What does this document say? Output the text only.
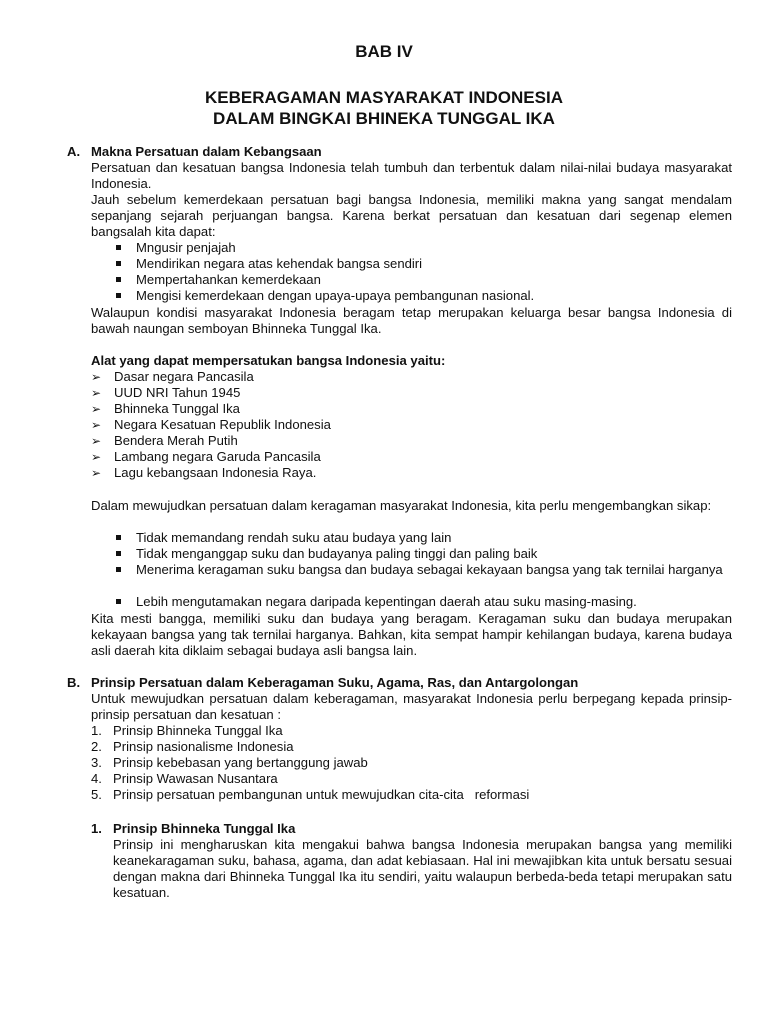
BAB IV
KEBERAGAMAN MASYARAKAT INDONESIA
DALAM BINGKAI BHINEKA TUNGGAL IKA
A. Makna Persatuan dalam Kebangsaan
Persatuan dan kesatuan bangsa Indonesia telah tumbuh dan terbentuk dalam nilai-nilai budaya masyarakat Indonesia.
Jauh sebelum kemerdekaan persatuan bagi bangsa Indonesia, memiliki makna yang sangat mendalam sepanjang sejarah perjuangan bangsa. Karena berkat persatuan dan kesatuan dari segenap elemen bangsalah kita dapat:
Mngusir penjajah
Mendirikan negara atas kehendak bangsa sendiri
Mempertahankan kemerdekaan
Mengisi kemerdekaan dengan upaya-upaya pembangunan nasional.
Walaupun kondisi masyarakat Indonesia beragam tetap merupakan keluarga besar bangsa Indonesia di bawah naungan semboyan Bhinneka Tunggal Ika.
Alat yang dapat mempersatukan bangsa Indonesia yaitu:
➢ Dasar negara Pancasila
➢ UUD NRI Tahun 1945
➢ Bhinneka Tunggal Ika
➢ Negara Kesatuan Republik Indonesia
➢ Bendera Merah Putih
➢ Lambang negara Garuda Pancasila
➢ Lagu kebangsaan Indonesia Raya.
Dalam mewujudkan persatuan dalam keragaman masyarakat Indonesia, kita perlu mengembangkan sikap:
Tidak memandang rendah suku atau budaya yang lain
Tidak menganggap suku dan budayanya paling tinggi dan paling baik
Menerima keragaman suku bangsa dan budaya sebagai kekayaan bangsa yang tak ternilai harganya
Lebih mengutamakan negara daripada kepentingan daerah atau suku masing-masing.
Kita mesti bangga, memiliki suku dan budaya yang beragam. Keragaman suku dan budaya merupakan kekayaan bangsa yang tak ternilai harganya. Bahkan, kita sempat hampir kehilangan budaya, karena budaya asli daerah kita diklaim sebagai budaya asli bangsa lain.
B. Prinsip Persatuan dalam Keberagaman Suku, Agama, Ras, dan Antargolongan
Untuk mewujudkan persatuan dalam keberagaman, masyarakat Indonesia perlu berpegang kepada prinsip-prinsip persatuan dan kesatuan :
1. Prinsip Bhinneka Tunggal Ika
2. Prinsip nasionalisme Indonesia
3. Prinsip kebebasan yang bertanggung jawab
4. Prinsip Wawasan Nusantara
5. Prinsip persatuan pembangunan untuk mewujudkan cita-cita   reformasi
1. Prinsip Bhinneka Tunggal Ika
Prinsip ini mengharuskan kita mengakui bahwa bangsa Indonesia merupakan bangsa yang memiliki keanekaragaman suku, bahasa, agama, dan adat kebiasaan. Hal ini mewajibkan kita untuk bersatu sesuai dengan makna dari Bhinneka Tunggal Ika itu sendiri, yaitu walaupun berbeda-beda tetapi merupakan satu kesatuan.
